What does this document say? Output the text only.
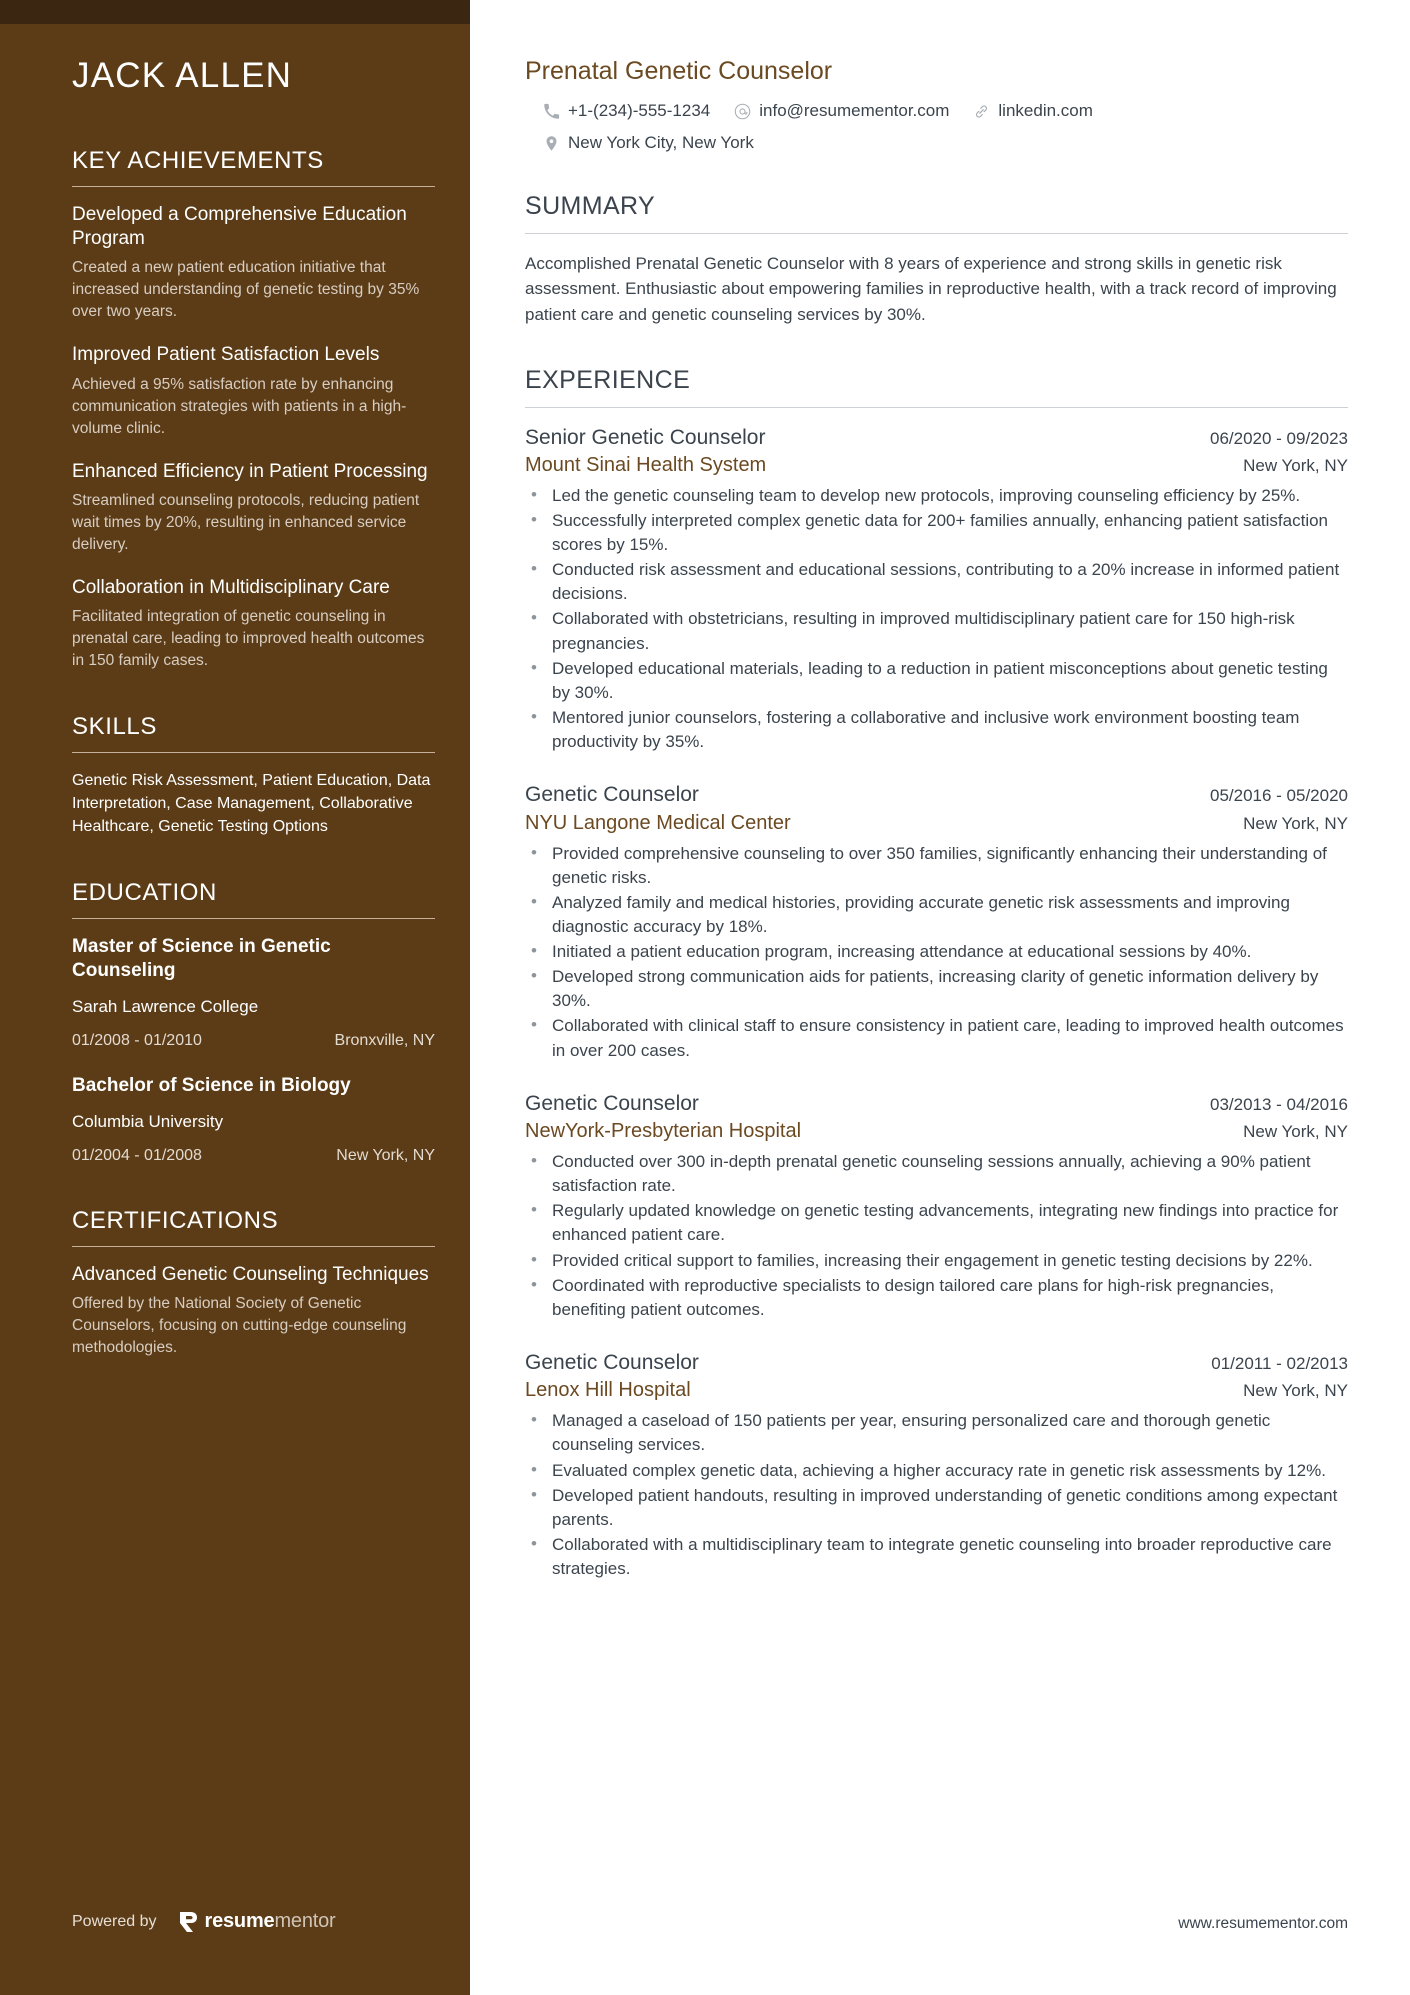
JACK ALLEN
KEY ACHIEVEMENTS
Developed a Comprehensive Education Program
Created a new patient education initiative that increased understanding of genetic testing by 35% over two years.
Improved Patient Satisfaction Levels
Achieved a 95% satisfaction rate by enhancing communication strategies with patients in a high-volume clinic.
Enhanced Efficiency in Patient Processing
Streamlined counseling protocols, reducing patient wait times by 20%, resulting in enhanced service delivery.
Collaboration in Multidisciplinary Care
Facilitated integration of genetic counseling in prenatal care, leading to improved health outcomes in 150 family cases.
SKILLS
Genetic Risk Assessment, Patient Education, Data Interpretation, Case Management, Collaborative Healthcare, Genetic Testing Options
EDUCATION
Master of Science in Genetic Counseling
Sarah Lawrence College
01/2008 - 01/2010	Bronxville, NY
Bachelor of Science in Biology
Columbia University
01/2004 - 01/2008	New York, NY
CERTIFICATIONS
Advanced Genetic Counseling Techniques
Offered by the National Society of Genetic Counselors, focusing on cutting-edge counseling methodologies.
Powered by resumementor
Prenatal Genetic Counselor
+1-(234)-555-1234	info@resumementor.com	linkedin.com
New York City, New York
SUMMARY

Accomplished Prenatal Genetic Counselor with 8 years of experience and strong skills in genetic risk assessment. Enthusiastic about empowering families in reproductive health, with a track record of improving patient care and genetic counseling services by 30%.

EXPERIENCE
Senior Genetic Counselor	06/2020 - 09/2023
Mount Sinai Health System	New York, NY
• Led the genetic counseling team to develop new protocols, improving counseling efficiency by 25%.
• Successfully interpreted complex genetic data for 200+ families annually, enhancing patient satisfaction scores by 15%.
• Conducted risk assessment and educational sessions, contributing to a 20% increase in informed patient decisions.
• Collaborated with obstetricians, resulting in improved multidisciplinary patient care for 150 high-risk pregnancies.
• Developed educational materials, leading to a reduction in patient misconceptions about genetic testing by 30%.
• Mentored junior counselors, fostering a collaborative and inclusive work environment boosting team productivity by 35%.
Genetic Counselor	05/2016 - 05/2020
NYU Langone Medical Center	New York, NY
• Provided comprehensive counseling to over 350 families, significantly enhancing their understanding of genetic risks.
• Analyzed family and medical histories, providing accurate genetic risk assessments and improving diagnostic accuracy by 18%.
• Initiated a patient education program, increasing attendance at educational sessions by 40%.
• Developed strong communication aids for patients, increasing clarity of genetic information delivery by 30%.
• Collaborated with clinical staff to ensure consistency in patient care, leading to improved health outcomes in over 200 cases.
Genetic Counselor	03/2013 - 04/2016
NewYork-Presbyterian Hospital	New York, NY
• Conducted over 300 in-depth prenatal genetic counseling sessions annually, achieving a 90% patient satisfaction rate.
• Regularly updated knowledge on genetic testing advancements, integrating new findings into practice for enhanced patient care.
• Provided critical support to families, increasing their engagement in genetic testing decisions by 22%.
• Coordinated with reproductive specialists to design tailored care plans for high-risk pregnancies, benefiting patient outcomes.
Genetic Counselor	01/2011 - 02/2013
Lenox Hill Hospital	New York, NY
• Managed a caseload of 150 patients per year, ensuring personalized care and thorough genetic counseling services.
• Evaluated complex genetic data, achieving a higher accuracy rate in genetic risk assessments by 12%.
• Developed patient handouts, resulting in improved understanding of genetic conditions among expectant parents.
• Collaborated with a multidisciplinary team to integrate genetic counseling into broader reproductive care strategies.
www.resumementor.com
